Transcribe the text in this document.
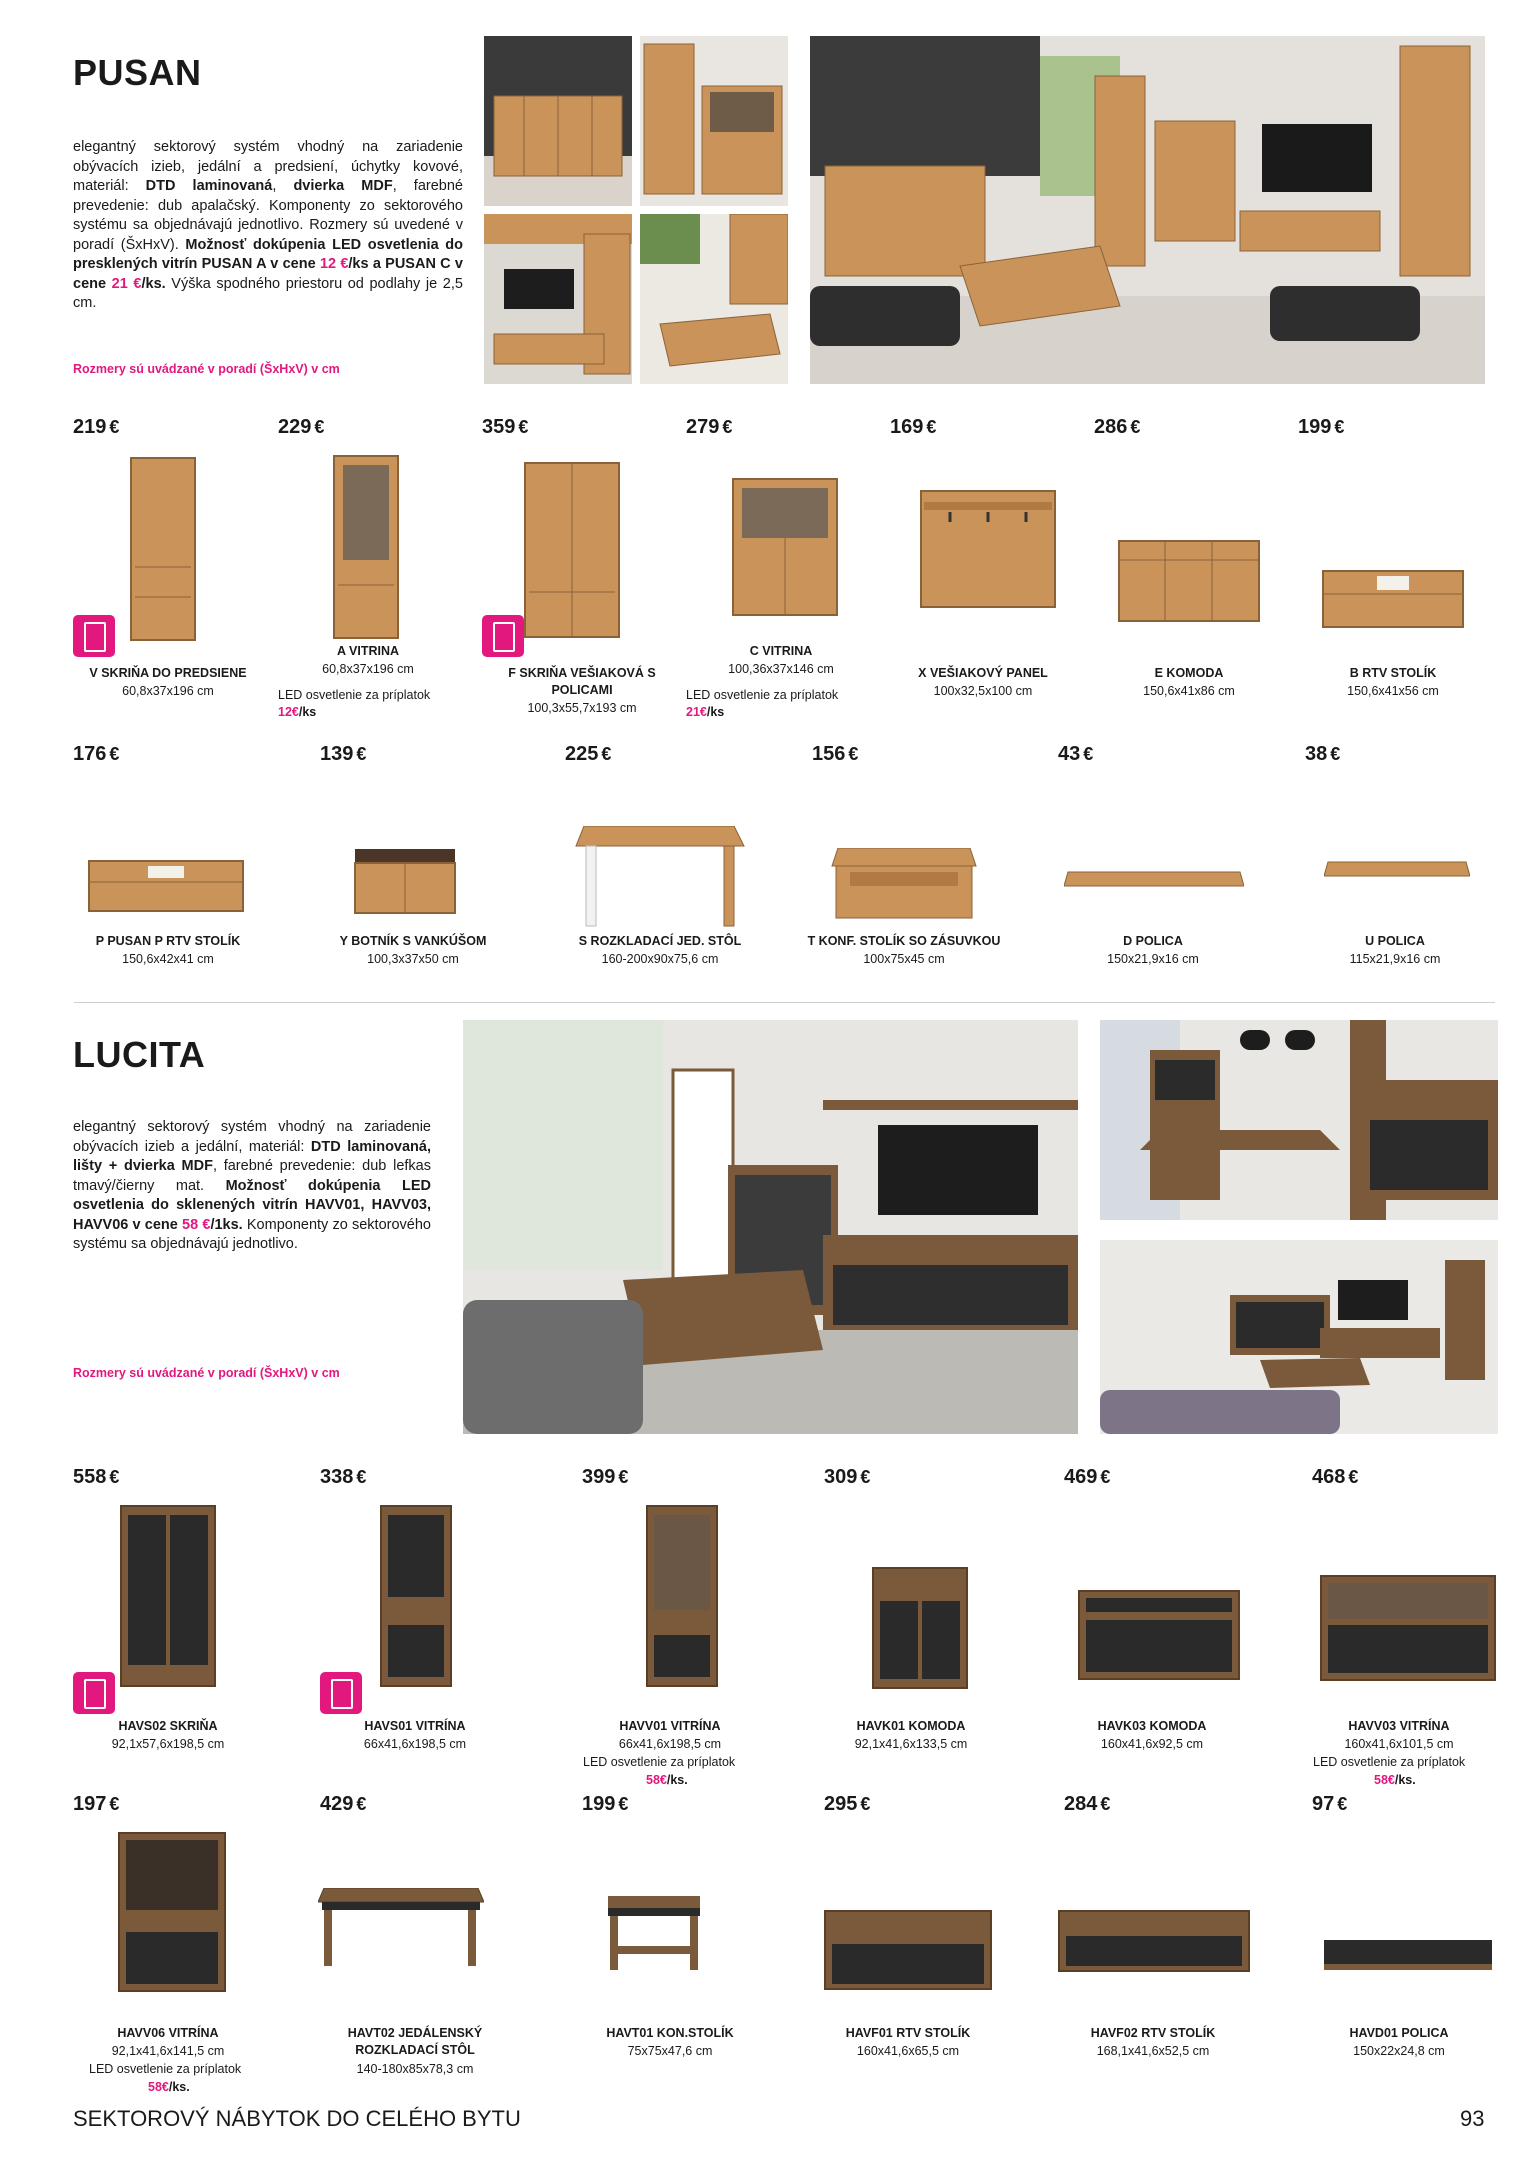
PUSAN
elegantný sektorový systém vhodný na zariadenie obývacích izieb, jedální a predsiení, úchytky kovové, materiál: DTD laminovaná, dvierka MDF, farebné prevedenie: dub apalačský. Komponenty zo sektorového systému sa objednávajú jednotlivo. Rozmery sú uvedené v poradí (ŠxHxV). Možnosť dokúpenia LED osvetlenia do presklených vitrín PUSAN A v cene 12 €/ks a PUSAN C v cene 21 €/ks. Výška spodného priestoru od podlahy je 2,5 cm.
Rozmery sú uvádzané v poradí (ŠxHxV) v cm
219 €	229 €	359 €	279 €	169 €	286 €	199 €
V SKRIŇA DO PREDSIENE
60,8x37x196 cm
A VITRINA
60,8x37x196 cm
LED osvetlenie za príplatok
12€/ks
F SKRIŇA VEŠIAKOVÁ S POLICAMI
100,3x55,7x193 cm
C VITRINA
100,36x37x146 cm
LED osvetlenie za príplatok
21€/ks
X VEŠIAKOVÝ PANEL
100x32,5x100 cm
E KOMODA
150,6x41x86 cm
B RTV STOLÍK
150,6x41x56 cm
176 €	139 €	225 €	156 €	43 €	38 €
P PUSAN P RTV STOLÍK
150,6x42x41 cm
Y BOTNÍK S VANKÚŠOM
100,3x37x50 cm
S ROZKLADACÍ JED. STÔL
160-200x90x75,6 cm
T KONF. STOLÍK SO ZÁSUVKOU
100x75x45 cm
D POLICA
150x21,9x16 cm
U POLICA
115x21,9x16 cm
LUCITA
elegantný sektorový systém vhodný na zariadenie obývacích izieb a jedální, materiál: DTD laminovaná, lišty + dvierka MDF, farebné prevedenie: dub lefkas tmavý/čierny mat. Možnosť dokúpenia LED osvetlenia do sklenených vitrín HAVV01, HAVV03, HAVV06 v cene 58 €/1ks. Komponenty zo sektorového systému sa objednávajú jednotlivo.
Rozmery sú uvádzané v poradí (ŠxHxV) v cm
558 €	338 €	399 €	309 €	469 €	468 €
HAVS02 SKRIŇA
92,1x57,6x198,5 cm
HAVS01 VITRÍNA
66x41,6x198,5 cm
HAVV01 VITRÍNA
66x41,6x198,5 cm
LED osvetlenie za príplatok
58€/ks.
HAVK01 KOMODA
92,1x41,6x133,5 cm
HAVK03 KOMODA
160x41,6x92,5 cm
HAVV03 VITRÍNA
160x41,6x101,5 cm
LED osvetlenie za príplatok
58€/ks.
197 €	429 €	199 €	295 €	284 €	97 €
HAVV06 VITRÍNA
92,1x41,6x141,5 cm
LED osvetlenie za príplatok
58€/ks.
HAVT02 JEDÁLENSKÝ ROZKLADACÍ STÔL
140-180x85x78,3 cm
HAVT01 KON.STOLÍK
75x75x47,6 cm
HAVF01 RTV STOLÍK
160x41,6x65,5 cm
HAVF02 RTV STOLÍK
168,1x41,6x52,5 cm
HAVD01 POLICA
150x22x24,8 cm
SEKTOROVÝ NÁBYTOK DO CELÉHO BYTU	93
